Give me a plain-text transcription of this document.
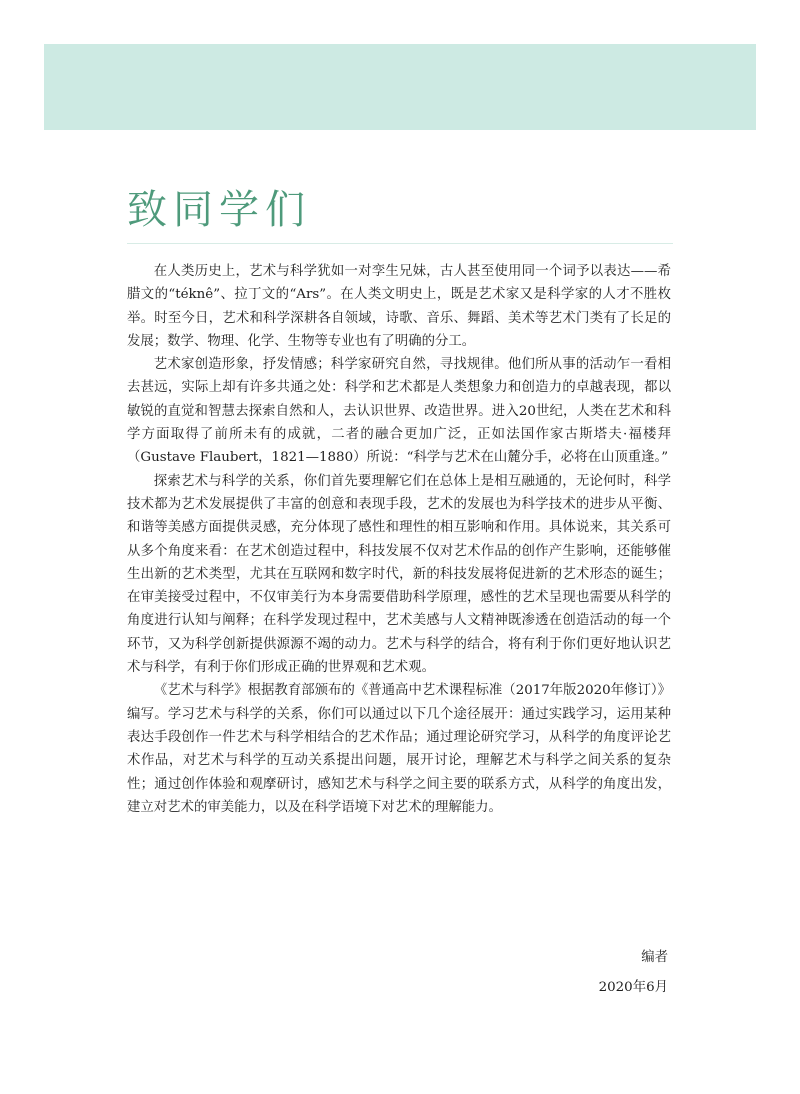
致同学们

在人类历史上，艺术与科学犹如一对孪生兄妹，古人甚至使用同一个词予以表达——希腊文的“téknê”、拉丁文的“Ars”。在人类文明史上，既是艺术家又是科学家的人才不胜枚举。时至今日，艺术和科学深耕各自领域，诗歌、音乐、舞蹈、美术等艺术门类有了长足的发展；数学、物理、化学、生物等专业也有了明确的分工。

艺术家创造形象，抒发情感；科学家研究自然，寻找规律。他们所从事的活动乍一看相去甚远，实际上却有许多共通之处：科学和艺术都是人类想象力和创造力的卓越表现，都以敏锐的直觉和智慧去探索自然和人，去认识世界、改造世界。进入20世纪，人类在艺术和科学方面取得了前所未有的成就，二者的融合更加广泛，正如法国作家古斯塔夫·福楼拜（Gustave Flaubert，1821—1880）所说：“科学与艺术在山麓分手，必将在山顶重逢。”

探索艺术与科学的关系，你们首先要理解它们在总体上是相互融通的，无论何时，科学技术都为艺术发展提供了丰富的创意和表现手段，艺术的发展也为科学技术的进步从平衡、和谐等美感方面提供灵感，充分体现了感性和理性的相互影响和作用。具体说来，其关系可从多个角度来看：在艺术创造过程中，科技发展不仅对艺术作品的创作产生影响，还能够催生出新的艺术类型，尤其在互联网和数字时代，新的科技发展将促进新的艺术形态的诞生；在审美接受过程中，不仅审美行为本身需要借助科学原理，感性的艺术呈现也需要从科学的角度进行认知与阐释；在科学发现过程中，艺术美感与人文精神既渗透在创造活动的每一个环节，又为科学创新提供源源不竭的动力。艺术与科学的结合，将有利于你们更好地认识艺术与科学，有利于你们形成正确的世界观和艺术观。

《艺术与科学》根据教育部颁布的《普通高中艺术课程标准（2017年版2020年修订）》编写。学习艺术与科学的关系，你们可以通过以下几个途径展开：通过实践学习，运用某种表达手段创作一件艺术与科学相结合的艺术作品；通过理论研究学习，从科学的角度评论艺术作品，对艺术与科学的互动关系提出问题，展开讨论，理解艺术与科学之间关系的复杂性；通过创作体验和观摩研讨，感知艺术与科学之间主要的联系方式，从科学的角度出发，建立对艺术的审美能力，以及在科学语境下对艺术的理解能力。

编者
2020年6月
